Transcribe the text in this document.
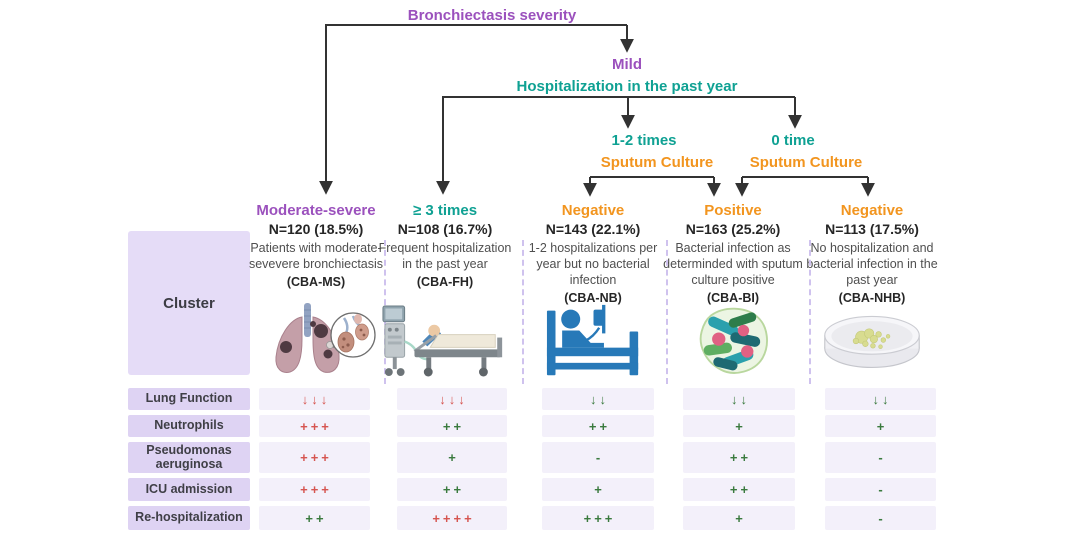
Bronchiectasis severity
Mild
Hospitalization in the past year
1-2 times
Sputum Culture
0 time
Sputum Culture
Cluster
Moderate-severe
N=120 (18.5%)
Patients with moderate-sevevere bronchiectasis
(CBA-MS)
≥ 3 times
N=108 (16.7%)
Frequent hospitalization in the past year
(CBA-FH)
Negative
N=143 (22.1%)
1-2 hospitalizations per year but no bacterial infection
(CBA-NB)
Positive
N=163 (25.2%)
Bacterial infection as determinded with sputum culture positive
(CBA-BI)
Negative
N=113 (17.5%)
No hospitalization and bacterial infection in the past year
(CBA-NHB)
Lung Function	↓↓↓	↓↓↓	↓↓	↓↓	↓↓
Neutrophils	+++	++	++	+	+
Pseudomonas aeruginosa	+++	+	-	++	-
ICU admission	+++	++	+	++	-
Re-hospitalization	++	++++	+++	+	-
